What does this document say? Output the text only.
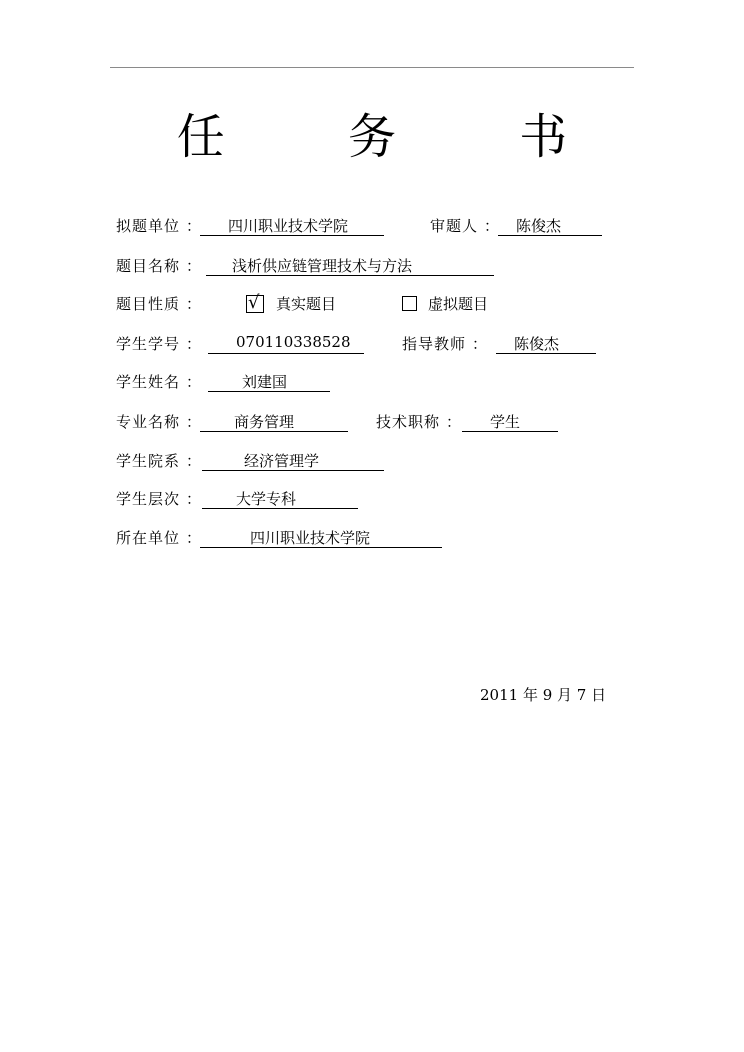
任 务 书
拟题单位 ：	四川职业技术学院	审题人 ：	陈俊杰
题目名称 ：	浅析供应链管理技术与方法
题目性质 ：	√ 真实题目	虚拟题目
学生学号 ：	070110338528	指导教师 ：	陈俊杰
学生姓名 ：	刘建国
专业名称 ：	商务管理	技术职称 ：	学生
学生院系 ：	经济管理学
学生层次 ：	大学专科
所在单位 ：	四川职业技术学院
2011 年 9 月 7 日
